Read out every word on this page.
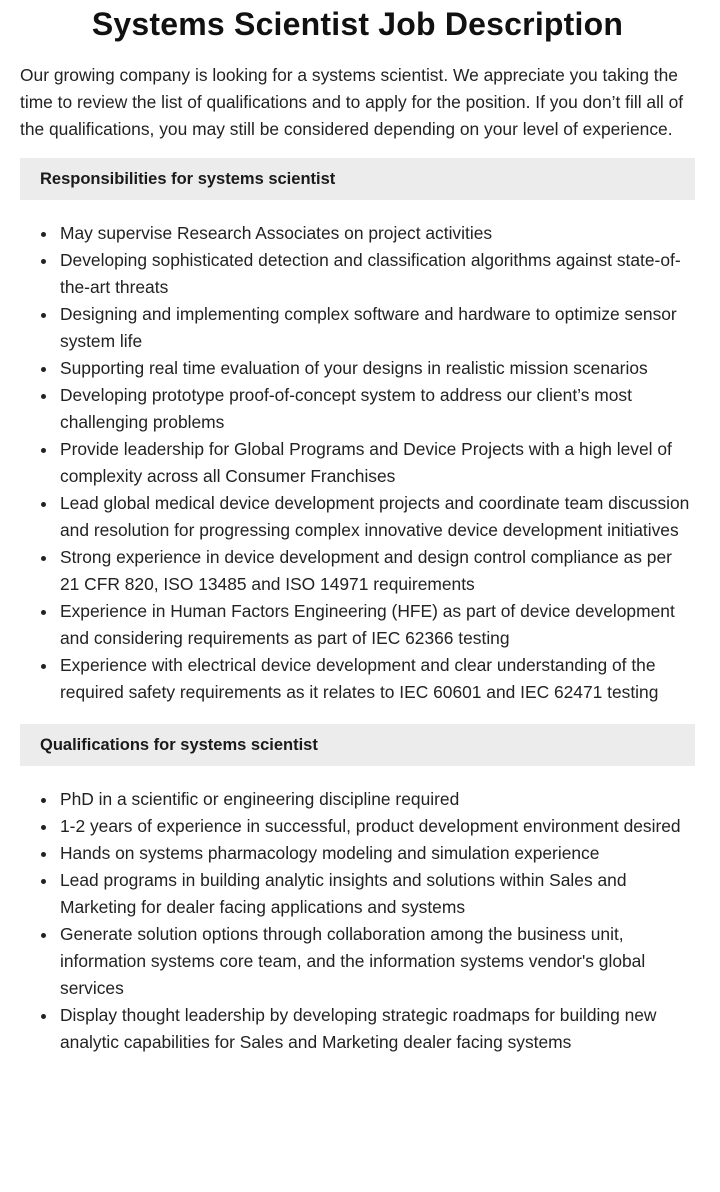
Systems Scientist Job Description

Our growing company is looking for a systems scientist. We appreciate you taking the time to review the list of qualifications and to apply for the position. If you don’t fill all of the qualifications, you may still be considered depending on your level of experience.

Responsibilities for systems scientist
May supervise Research Associates on project activities
Developing sophisticated detection and classification algorithms against state-of-the-art threats
Designing and implementing complex software and hardware to optimize sensor system life
Supporting real time evaluation of your designs in realistic mission scenarios
Developing prototype proof-of-concept system to address our client’s most challenging problems
Provide leadership for Global Programs and Device Projects with a high level of complexity across all Consumer Franchises
Lead global medical device development projects and coordinate team discussion and resolution for progressing complex innovative device development initiatives
Strong experience in device development and design control compliance as per 21 CFR 820, ISO 13485 and ISO 14971 requirements
Experience in Human Factors Engineering (HFE) as part of device development and considering requirements as part of IEC 62366 testing
Experience with electrical device development and clear understanding of the required safety requirements as it relates to IEC 60601 and IEC 62471 testing
Qualifications for systems scientist
PhD in a scientific or engineering discipline required
1-2 years of experience in successful, product development environment desired
Hands on systems pharmacology modeling and simulation experience
Lead programs in building analytic insights and solutions within Sales and Marketing for dealer facing applications and systems
Generate solution options through collaboration among the business unit, information systems core team, and the information systems vendor's global services
Display thought leadership by developing strategic roadmaps for building new analytic capabilities for Sales and Marketing dealer facing systems
